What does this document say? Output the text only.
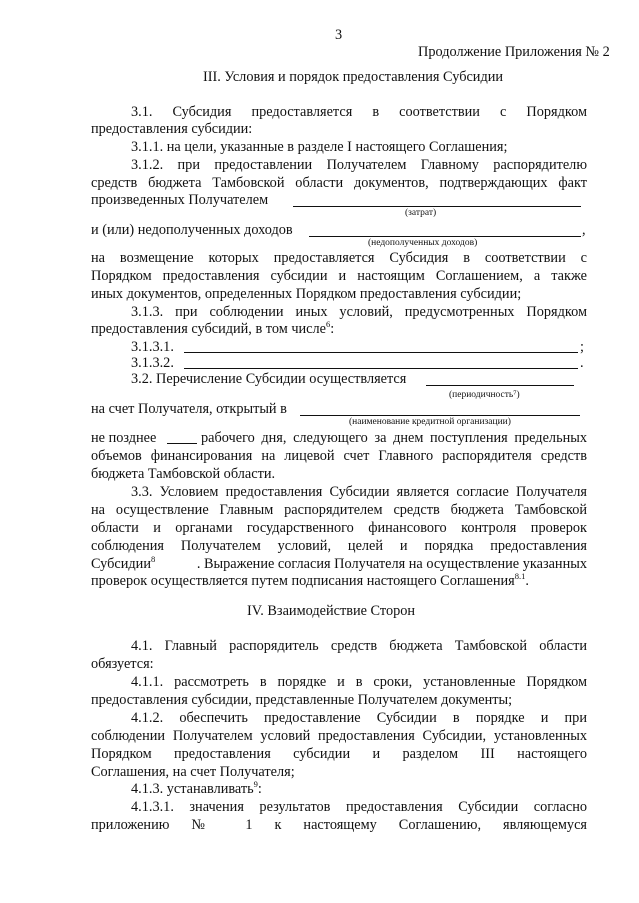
3
Продолжение Приложения № 2
III. Условия и порядок предоставления Субсидии
3.1. Субсидия предоставляется в соответствии с Порядком
предоставления субсидии:
3.1.1. на цели, указанные в разделе I настоящего Соглашения;
3.1.2. при предоставлении Получателем Главному распорядителю
средств бюджета Тамбовской области документов, подтверждающих факт
произведенных Получателем
(затрат)
и (или) недополученных доходов	,
(недополученных доходов)
на возмещение которых предоставляется Субсидия в соответствии с
Порядком предоставления субсидии и настоящим Соглашением, а также
иных документов, определенных Порядком предоставления субсидии;
3.1.3. при соблюдении иных условий, предусмотренных Порядком
предоставления субсидий, в том числе$^6$:
3.1.3.1.	;
3.1.3.2.	.
3.2. Перечисление Субсидии осуществляется
(периодичность⁷)
на счет Получателя, открытый в
(наименование кредитной организации)
не позднее	рабочего дня, следующего за днем поступления предельных
объемов финансирования на лицевой счет Главного распорядителя средств
бюджета Тамбовской области.
3.3. Условием предоставления Субсидии является согласие Получателя
на осуществление Главным распорядителем средств бюджета Тамбовской
области и органами государственного финансового контроля проверок
соблюдения Получателем условий, целей и порядка предоставления
Субсидии$^8$	. Выражение согласия Получателя на осуществление указанных
проверок осуществляется путем подписания настоящего Соглашения$^{8.1}$.
IV. Взаимодействие Сторон
4.1. Главный распорядитель средств бюджета Тамбовской области
обязуется:
4.1.1. рассмотреть в порядке и в сроки, установленные Порядком
предоставления субсидии, представленные Получателем документы;
4.1.2. обеспечить предоставление Субсидии в порядке и при
соблюдении Получателем условий предоставления Субсидии, установленных
Порядком предоставления субсидии и разделом III настоящего
Соглашения, на счет Получателя;
4.1.3. устанавливать$^9$:
4.1.3.1. значения результатов предоставления Субсидии согласно
приложению № 1 к настоящему Соглашению, являющемуся
